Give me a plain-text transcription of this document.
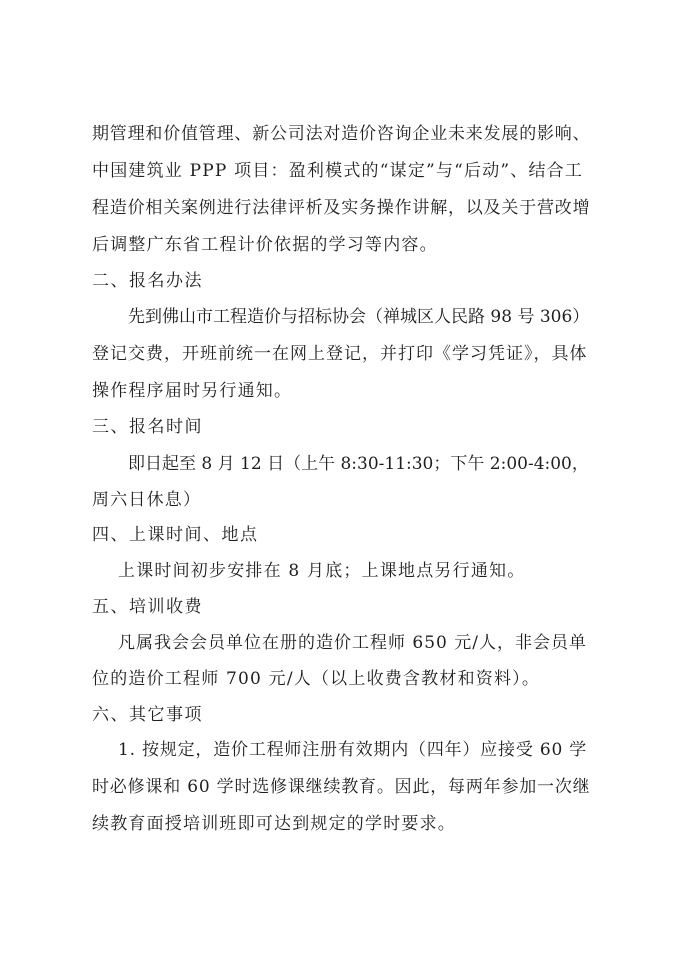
期管理和价值管理、新公司法对造价咨询企业未来发展的影响、
中国建筑业 PPP 项目：盈利模式的“谋定”与“后动”、结合工
程造价相关案例进行法律评析及实务操作讲解，以及关于营改增
后调整广东省工程计价依据的学习等内容。
二、报名办法
先到佛山市工程造价与招标协会（禅城区人民路 98 号 306）
登记交费，开班前统一在网上登记，并打印《学习凭证》，具体
操作程序届时另行通知。
三、报名时间
即日起至 8 月 12 日（上午 8:30-11:30；下午 2:00-4:00，
周六日休息）
四、上课时间、地点
上课时间初步安排在 8 月底；上课地点另行通知。
五、培训收费
凡属我会会员单位在册的造价工程师 650 元/人，非会员单
位的造价工程师 700 元/人（以上收费含教材和资料）。
六、其它事项
1. 按规定，造价工程师注册有效期内（四年）应接受 60 学
时必修课和 60 学时选修课继续教育。因此，每两年参加一次继
续教育面授培训班即可达到规定的学时要求。
